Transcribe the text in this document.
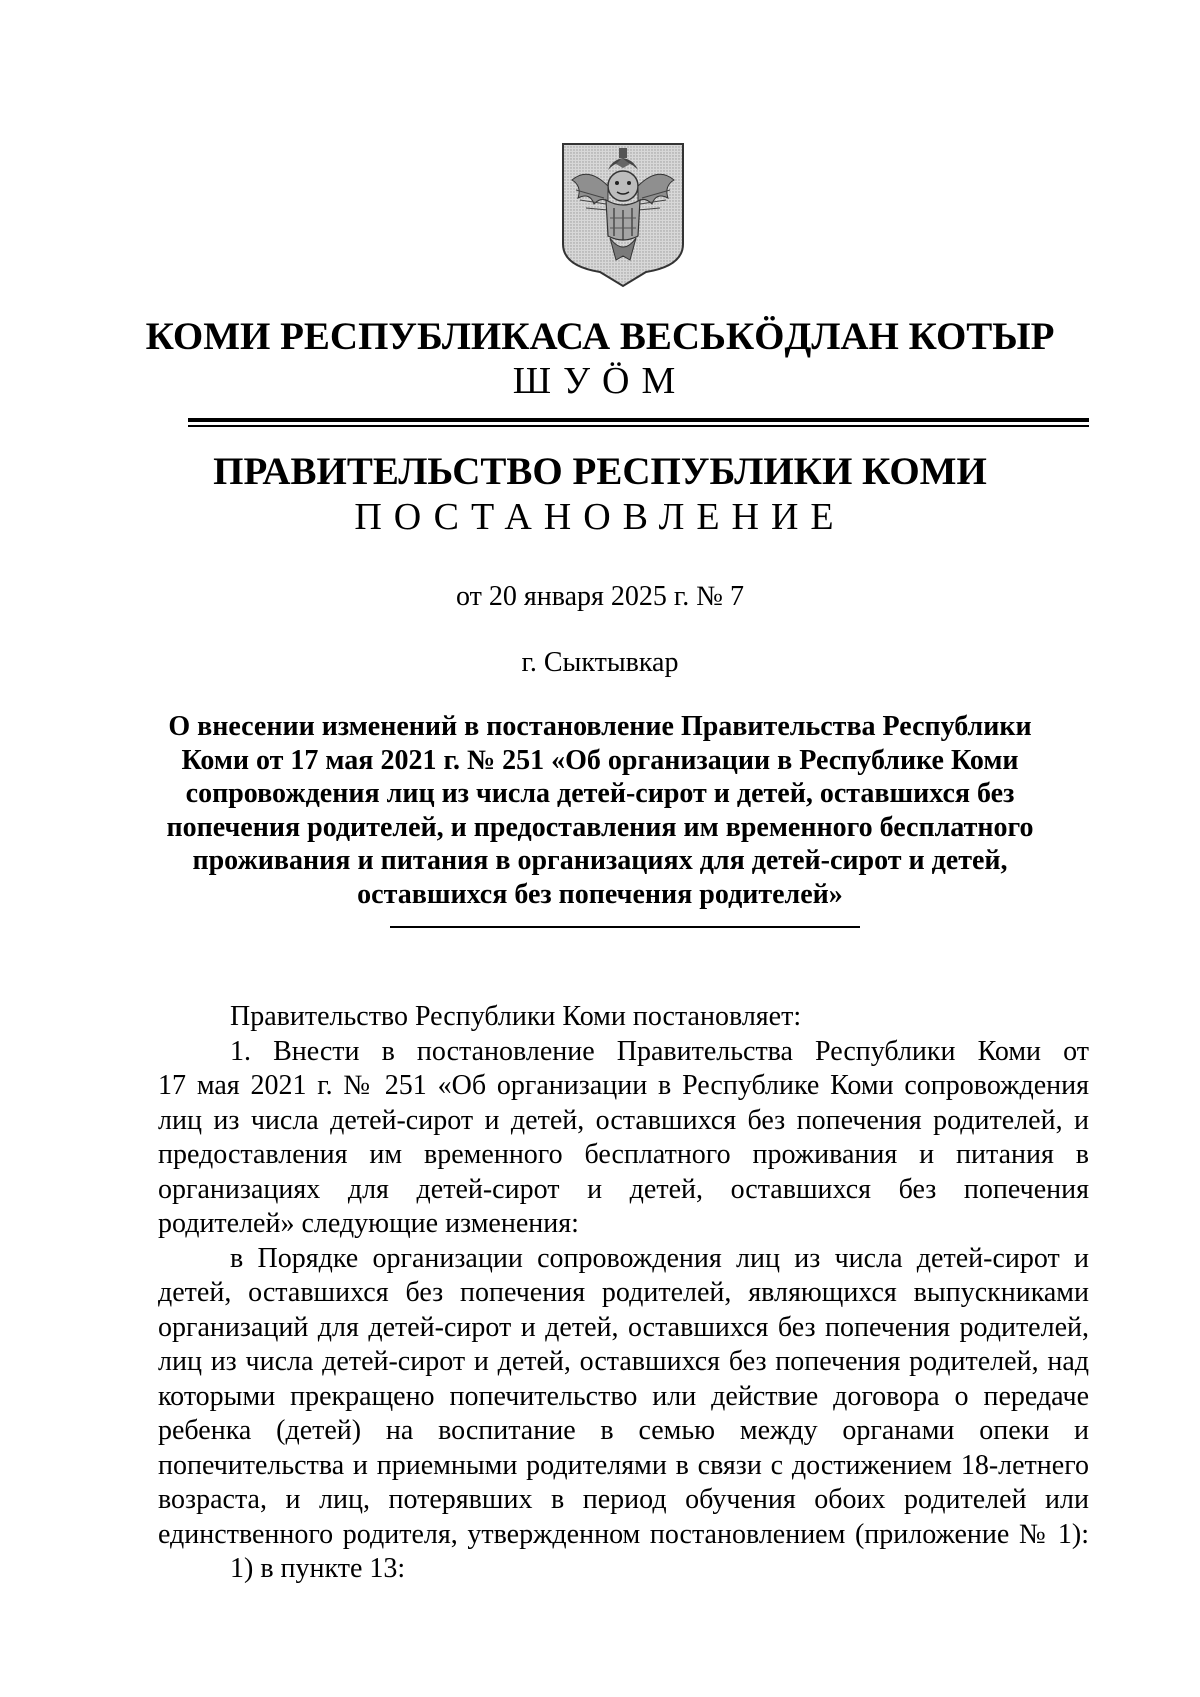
КОМИ РЕСПУБЛИКАСА ВЕСЬКÖДЛАН КОТЫР
ШУÖМ
ПРАВИТЕЛЬСТВО РЕСПУБЛИКИ КОМИ
ПОСТАНОВЛЕНИЕ
от 20 января 2025 г. № 7
г. Сыктывкар
О внесении изменений в постановление Правительства Республики
Коми от 17 мая 2021 г. № 251 «Об организации в Республике Коми
сопровождения лиц из числа детей-сирот и детей, оставшихся без
попечения родителей, и предоставления им временного бесплатного
проживания и питания в организациях для детей-сирот и детей,
оставшихся без попечения родителей»
Правительство Республики Коми постановляет:
1. Внести в постановление Правительства Республики Коми от
17 мая 2021 г. № 251 «Об организации в Республике Коми сопровождения
лиц из числа детей-сирот и детей, оставшихся без попечения родителей, и
предоставления им временного бесплатного проживания и питания в
организациях для детей-сирот и детей, оставшихся без попечения
родителей» следующие изменения:
в Порядке организации сопровождения лиц из числа детей-сирот и
детей, оставшихся без попечения родителей, являющихся выпускниками
организаций для детей-сирот и детей, оставшихся без попечения родителей,
лиц из числа детей-сирот и детей, оставшихся без попечения родителей, над
которыми прекращено попечительство или действие договора о передаче
ребенка (детей) на воспитание в семью между органами опеки и
попечительства и приемными родителями в связи с достижением 18-летнего
возраста, и лиц, потерявших в период обучения обоих родителей или
единственного родителя, утвержденном постановлением (приложение № 1):
1) в пункте 13:
